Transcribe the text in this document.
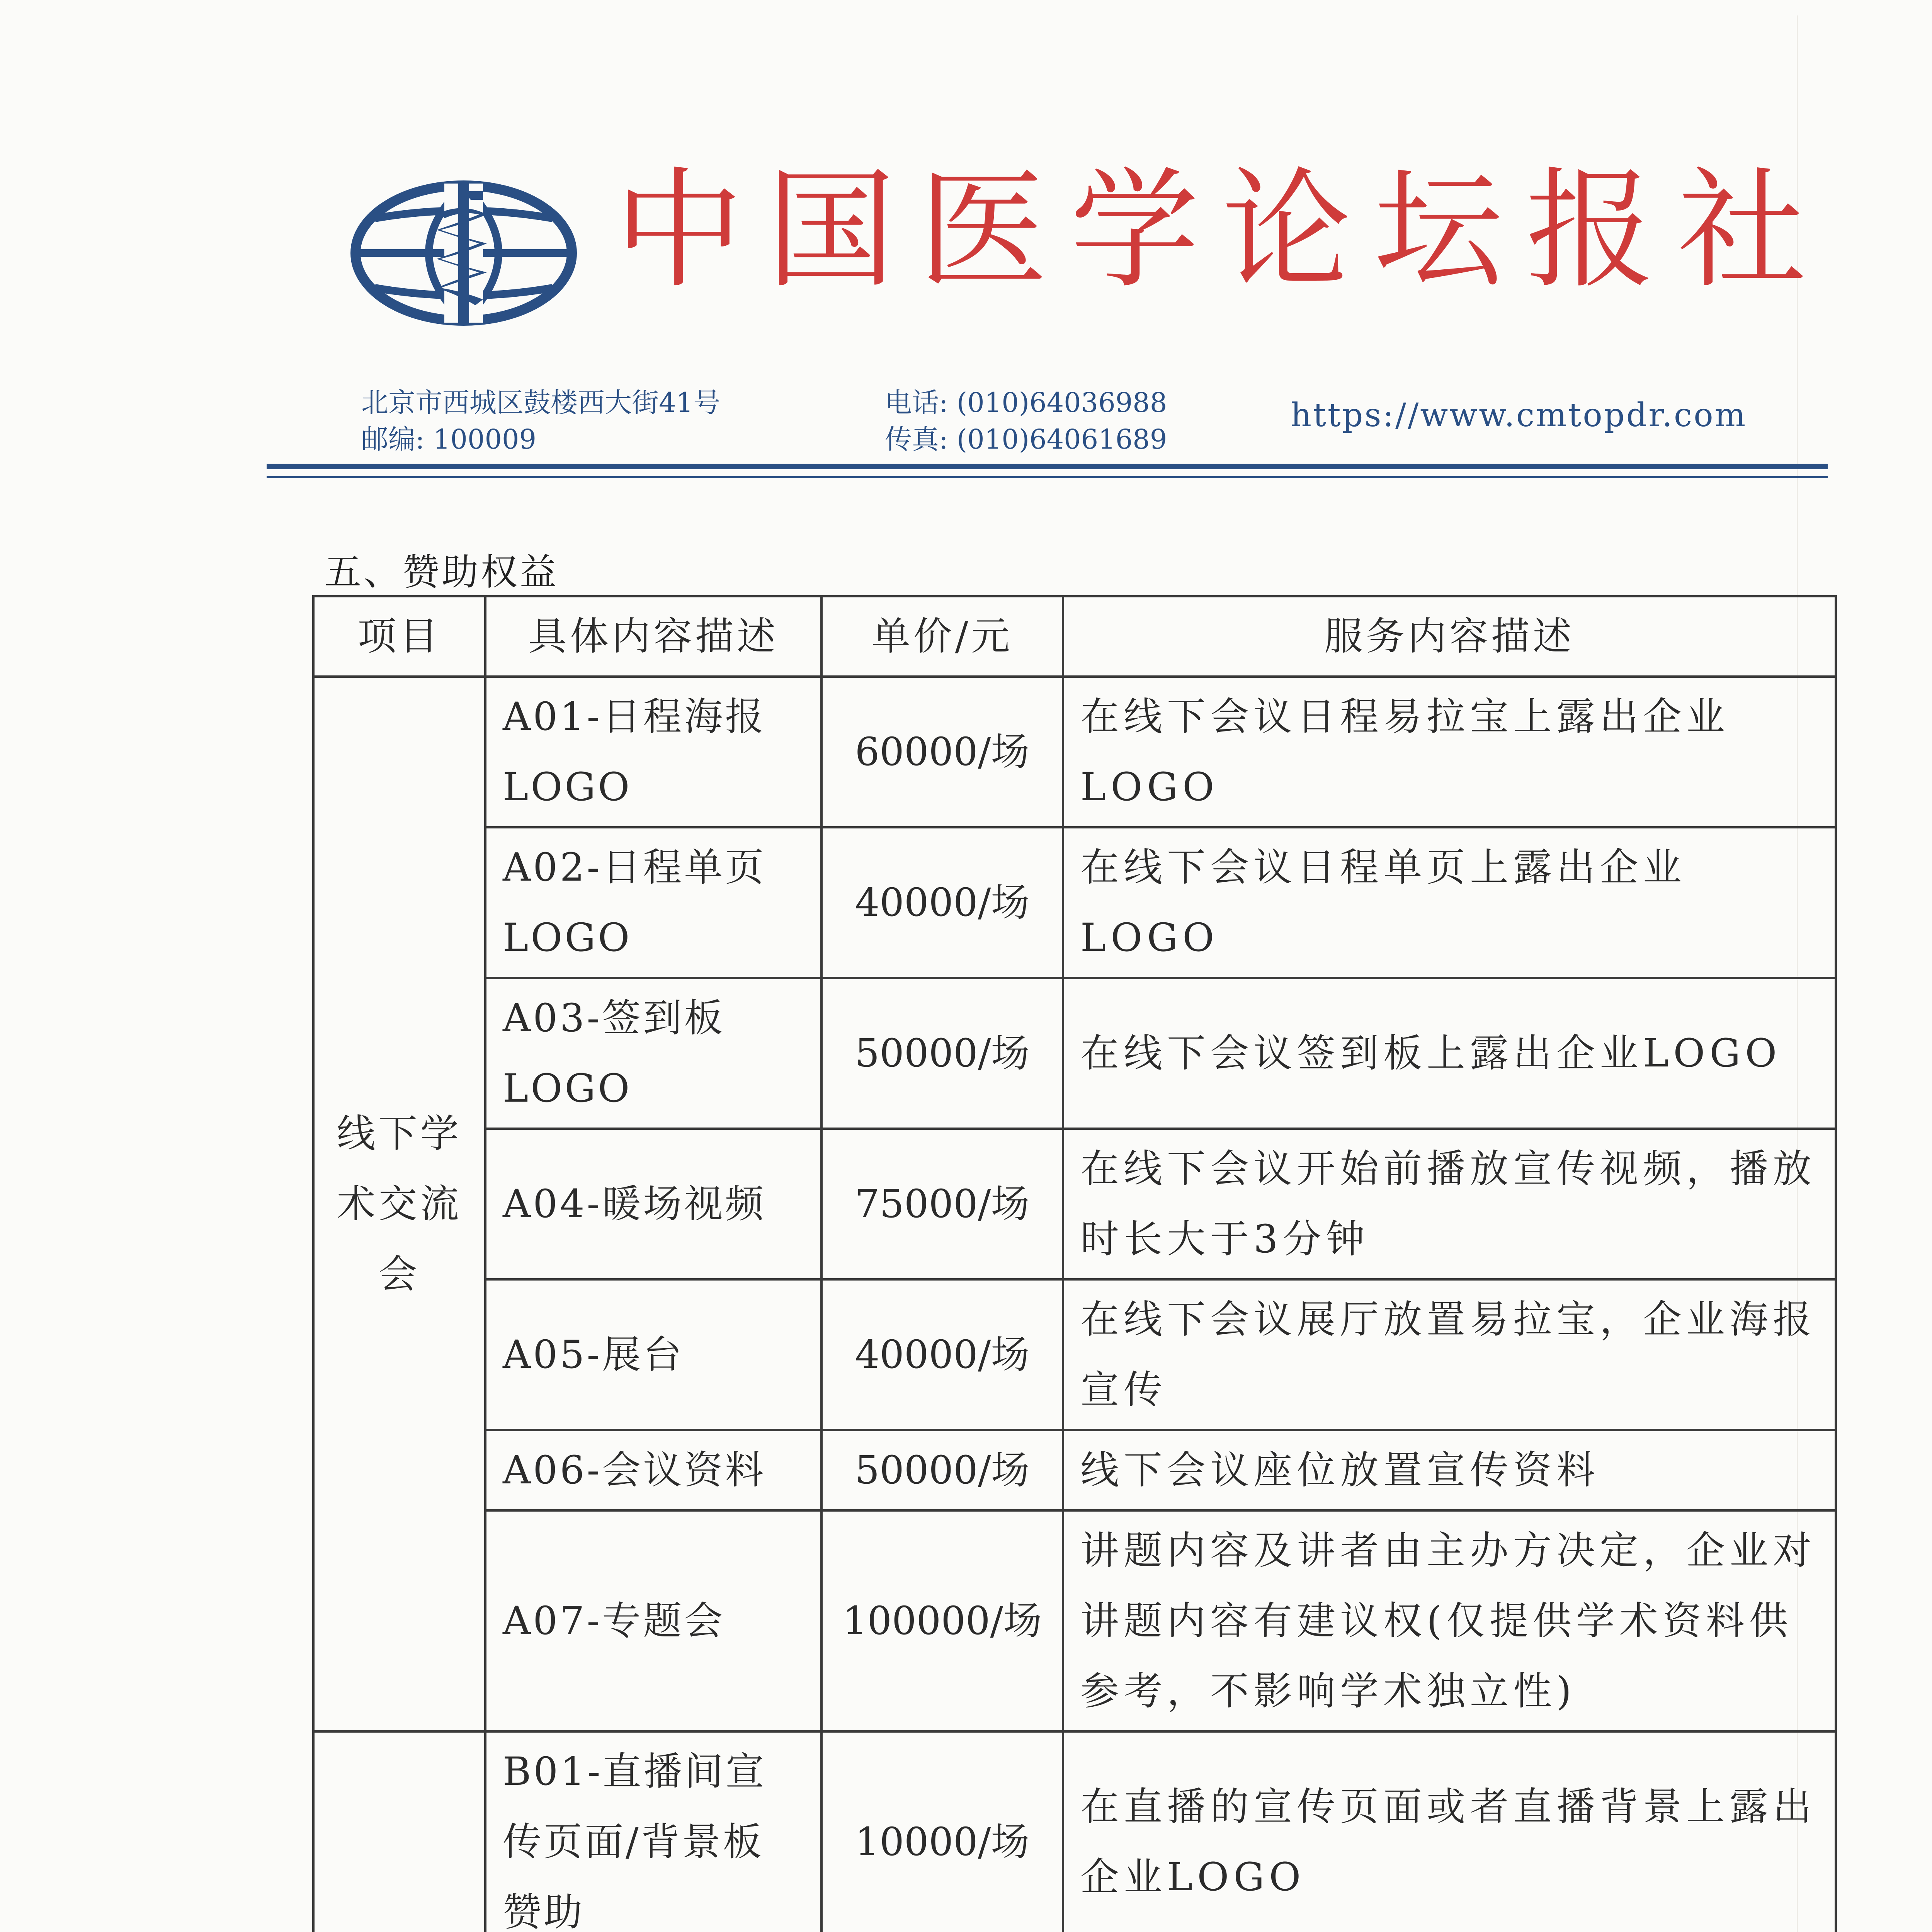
中国医学论坛报社
北京市西城区鼓楼西大街41号
邮编: 100009
电话: (010)64036988
传真: (010)64061689
https://www.cmtopdr.com
五、赞助权益
项目	具体内容描述	单价/元	服务内容描述
线下学术交流会	A01-日程海报LOGO	60000/场	在线下会议日程易拉宝上露出企业LOGO
	A02-日程单页LOGO	40000/场	在线下会议日程单页上露出企业LOGO
	A03-签到板LOGO	50000/场	在线下会议签到板上露出企业LOGO
	A04-暖场视频	75000/场	在线下会议开始前播放宣传视频，播放时长大于3分钟
	A05-展台	40000/场	在线下会议展厅放置易拉宝，企业海报宣传
	A06-会议资料	50000/场	线下会议座位放置宣传资料
	A07-专题会	100000/场	讲题内容及讲者由主办方决定，企业对讲题内容有建议权(仅提供学术资料供参考，不影响学术独立性)
	B01-直播间宣传页面/背景板赞助	10000/场	在直播的宣传页面或者直播背景上露出企业LOGO
